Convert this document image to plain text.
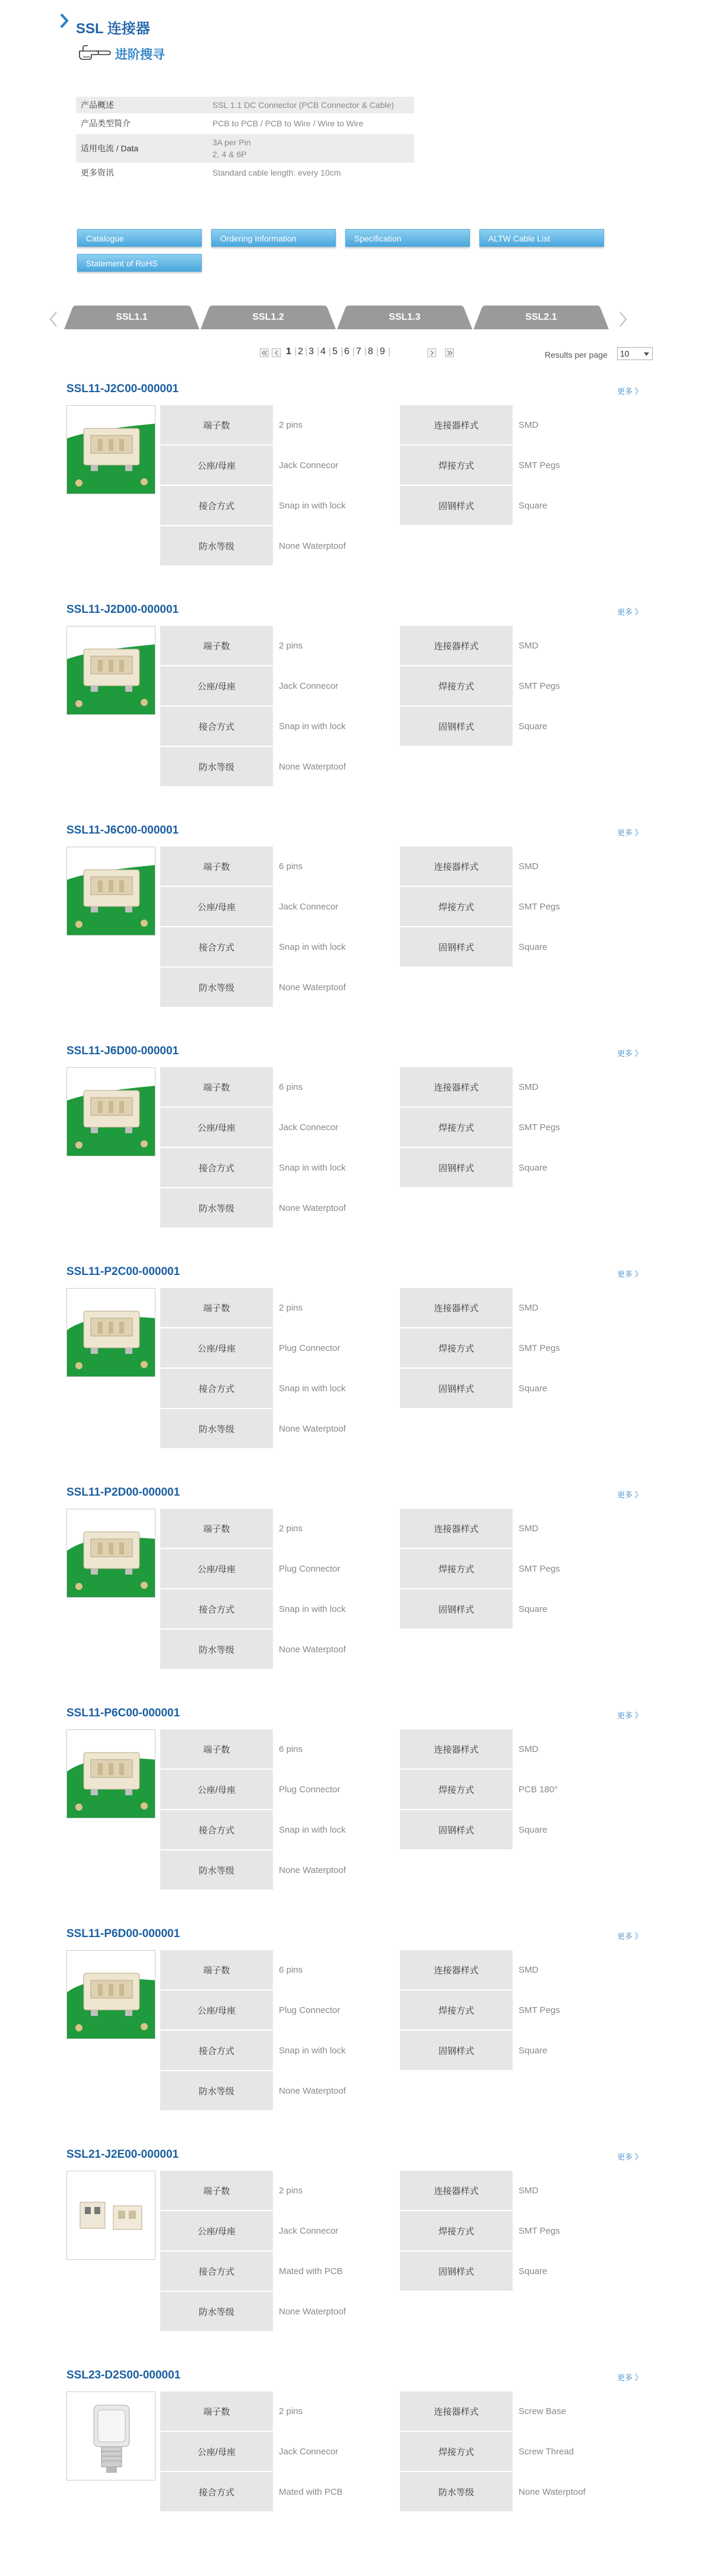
SSL 连接器
进阶搜寻
产品概述	SSL 1.1 DC Connector (PCB Connector & Cable)
产品类型简介	PCB to PCB / PCB to Wire / Wire to Wire
适用电流 / Data	3A per Pin
2, 4 & 6P
更多资讯	Standard cable length: every 10cm
Catalogue	Ordering Information	Specification	ALTW Cable List
Statement of RoHS
SSL1.1	SSL1.2	SSL1.3	SSL2.1
1 | 2 | 3 | 4 | 5 | 6 | 7 | 8 | 9 |	Results per page	10
SSL11-J2C00-000001	更多 》
端子数	2 pins	连接器样式	SMD
公座/母座	Jack Connecor	焊接方式	SMT Pegs
接合方式	Snap in with lock	固钢样式	Square
防水等级	None Waterptoof		
SSL11-J2D00-000001	更多 》
端子数	2 pins	连接器样式	SMD
公座/母座	Jack Connecor	焊接方式	SMT Pegs
接合方式	Snap in with lock	固钢样式	Square
防水等级	None Waterptoof		
SSL11-J6C00-000001	更多 》
端子数	6 pins	连接器样式	SMD
公座/母座	Jack Connecor	焊接方式	SMT Pegs
接合方式	Snap in with lock	固钢样式	Square
防水等级	None Waterptoof		
SSL11-J6D00-000001	更多 》
端子数	6 pins	连接器样式	SMD
公座/母座	Jack Connecor	焊接方式	SMT Pegs
接合方式	Snap in with lock	固钢样式	Square
防水等级	None Waterptoof		
SSL11-P2C00-000001	更多 》
端子数	2 pins	连接器样式	SMD
公座/母座	Plug Connector	焊接方式	SMT Pegs
接合方式	Snap in with lock	固钢样式	Square
防水等级	None Waterptoof		
SSL11-P2D00-000001	更多 》
端子数	2 pins	连接器样式	SMD
公座/母座	Plug Connector	焊接方式	SMT Pegs
接合方式	Snap in with lock	固钢样式	Square
防水等级	None Waterptoof		
SSL11-P6C00-000001	更多 》
端子数	6 pins	连接器样式	SMD
公座/母座	Plug Connector	焊接方式	PCB 180°
接合方式	Snap in with lock	固钢样式	Square
防水等级	None Waterptoof		
SSL11-P6D00-000001	更多 》
端子数	6 pins	连接器样式	SMD
公座/母座	Plug Connector	焊接方式	SMT Pegs
接合方式	Snap in with lock	固钢样式	Square
防水等级	None Waterptoof		
SSL21-J2E00-000001	更多 》
端子数	2 pins	连接器样式	SMD
公座/母座	Jack Connecor	焊接方式	SMT Pegs
接合方式	Mated with PCB	固钢样式	Square
防水等级	None Waterptoof		
SSL23-D2S00-000001	更多 》
端子数	2 pins	连接器样式	Screw Base
公座/母座	Jack Connecor	焊接方式	Screw Thread
接合方式	Mated with PCB	防水等级	None Waterptoof
